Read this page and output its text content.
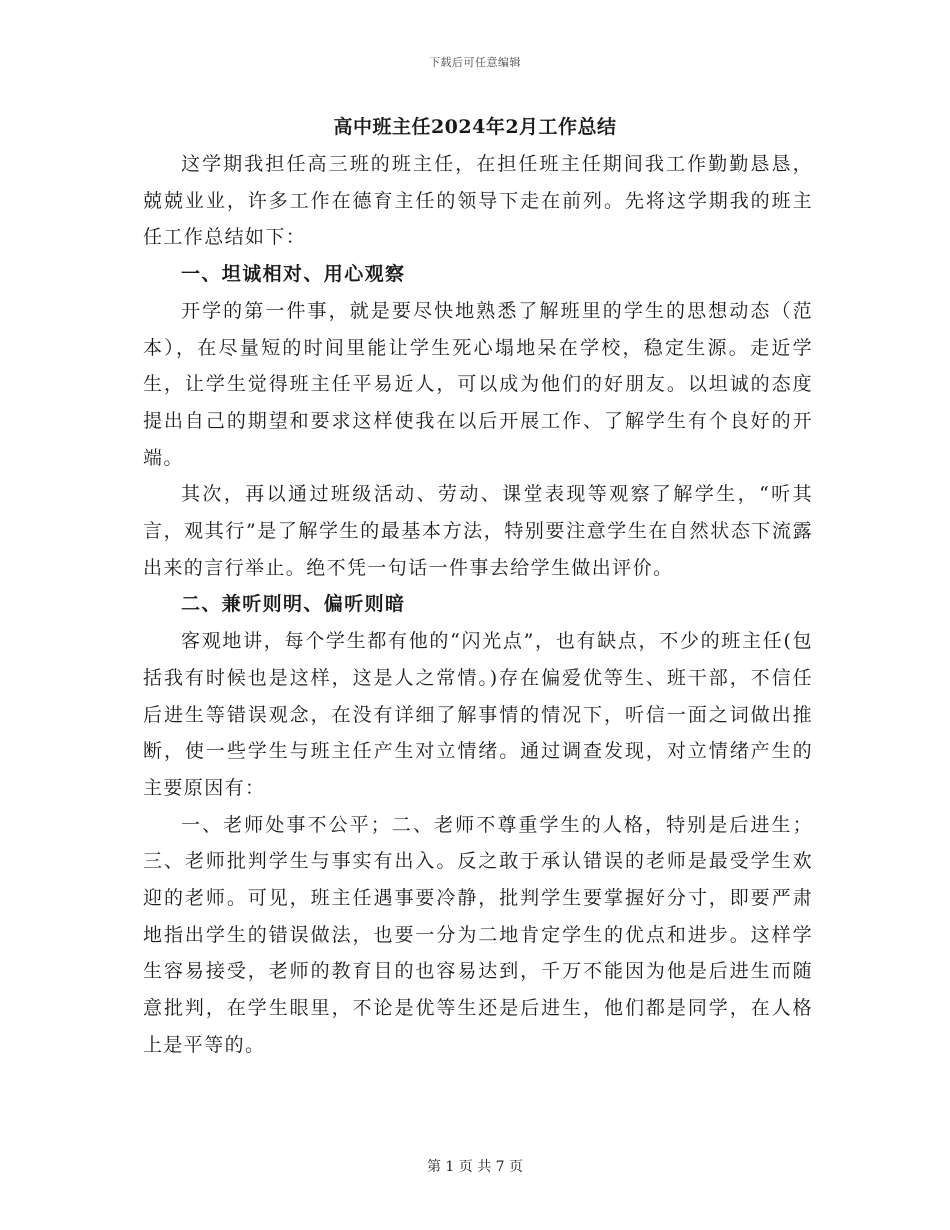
下载后可任意编辑
高中班主任2024年2月工作总结

这学期我担任高三班的班主任，在担任班主任期间我工作勤勤恳恳，兢兢业业，许多工作在德育主任的领导下走在前列。先将这学期我的班主任工作总结如下：

一、坦诚相对、用心观察

开学的第一件事，就是要尽快地熟悉了解班里的学生的思想动态（范本），在尽量短的时间里能让学生死心塌地呆在学校，稳定生源。走近学生，让学生觉得班主任平易近人，可以成为他们的好朋友。以坦诚的态度提出自己的期望和要求这样使我在以后开展工作、了解学生有个良好的开端。

其次，再以通过班级活动、劳动、课堂表现等观察了解学生，“听其言，观其行”是了解学生的最基本方法，特别要注意学生在自然状态下流露出来的言行举止。绝不凭一句话一件事去给学生做出评价。

二、兼听则明、偏听则暗

客观地讲，每个学生都有他的“闪光点”，也有缺点，不少的班主任(包括我有时候也是这样，这是人之常情。)存在偏爱优等生、班干部，不信任后进生等错误观念，在没有详细了解事情的情况下，听信一面之词做出推断，使一些学生与班主任产生对立情绪。通过调查发现，对立情绪产生的主要原因有：

一、老师处事不公平；二、老师不尊重学生的人格，特别是后进生；三、老师批判学生与事实有出入。反之敢于承认错误的老师是最受学生欢迎的老师。可见，班主任遇事要冷静，批判学生要掌握好分寸，即要严肃地指出学生的错误做法，也要一分为二地肯定学生的优点和进步。这样学生容易接受，老师的教育目的也容易达到，千万不能因为他是后进生而随意批判，在学生眼里，不论是优等生还是后进生，他们都是同学，在人格上是平等的。

第 1 页 共 7 页
